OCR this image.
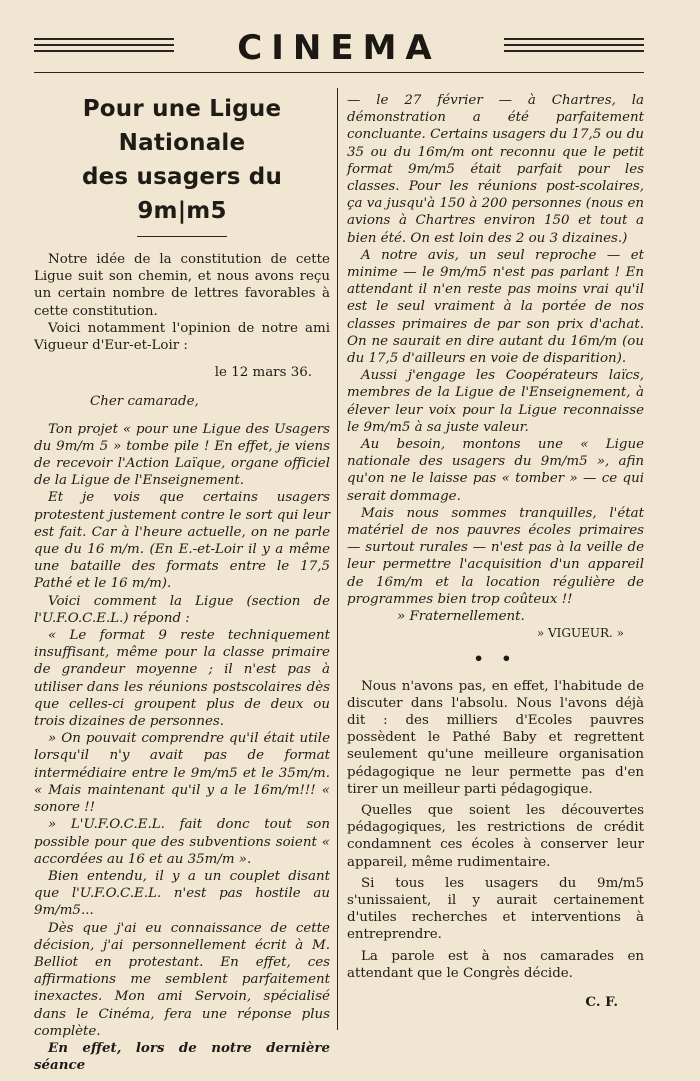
CINEMA
Pour une Ligue Nationale
des usagers du 9m|m5

Notre idée de la constitution de cette Ligue suit son chemin, et nous avons reçu un certain nombre de lettres favorables à cette constitution.

Voici notamment l'opinion de notre ami Vigueur d'Eur-et-Loir :

le 12 mars 36.

Cher camarade,

Ton projet « pour une Ligue des Usagers du 9m/m 5 » tombe pile ! En effet, je viens de recevoir l'Action Laïque, organe officiel de la Ligue de l'Enseignement.

Et je vois que certains usagers protestent justement contre le sort qui leur est fait. Car à l'heure actuelle, on ne parle que du 16 m/m. (En E.-et-Loir il y a même une bataille des formats entre le 17,5 Pathé et le 16 m/m).

Voici comment la Ligue (section de l'U.F.O.C.E.L.) répond :

« Le format 9 reste techniquement insuffisant, même pour la classe primaire de grandeur moyenne ; il n'est pas à utiliser dans les réunions postscolaires dès que celles-ci groupent plus de deux ou trois dizaines de personnes.

» On pouvait comprendre qu'il était utile lorsqu'il n'y avait pas de format intermédiaire entre le 9m/m5 et le 35m/m. « Mais maintenant qu'il y a le 16m/m!!! « sonore !!

» L'U.F.O.C.E.L. fait donc tout son possible pour que des subventions soient « accordées au 16 et au 35m/m ».

Bien entendu, il y a un couplet disant que l'U.F.O.C.E.L. n'est pas hostile au 9m/m5...

Dès que j'ai eu connaissance de cette décision, j'ai personnellement écrit à M. Belliot en protestant. En effet, ces affirmations me semblent parfaitement inexactes. Mon ami Servoin, spécialisé dans le Cinéma, fera une réponse plus complète.

En effet, lors de notre dernière séance

— le 27 février — à Chartres, la démonstration a été parfaitement concluante. Certains usagers du 17,5 ou du 35 ou du 16m/m ont reconnu que le petit format 9m/m5 était parfait pour les classes. Pour les réunions post-scolaires, ça va jusqu'à 150 à 200 personnes (nous en avions à Chartres environ 150 et tout a bien été. On est loin des 2 ou 3 dizaines.)

A notre avis, un seul reproche — et minime — le 9m/m5 n'est pas parlant ! En attendant il n'en reste pas moins vrai qu'il est le seul vraiment à la portée de nos classes primaires de par son prix d'achat. On ne saurait en dire autant du 16m/m (ou du 17,5 d'ailleurs en voie de disparition).

Aussi j'engage les Coopérateurs laïcs, membres de la Ligue de l'Enseignement, à élever leur voix pour la Ligue reconnaisse le 9m/m5 à sa juste valeur.

Au besoin, montons une « Ligue nationale des usagers du 9m/m5 », afin qu'on ne le laisse pas « tomber » — ce qui serait dommage.

Mais nous sommes tranquilles, l'état matériel de nos pauvres écoles primaires — surtout rurales — n'est pas à la veille de leur permettre l'acquisition d'un appareil de 16m/m et la location régulière de programmes bien trop coûteux !!

» Fraternellement.

» VIGUEUR. »

• •

Nous n'avons pas, en effet, l'habitude de discuter dans l'absolu. Nous l'avons déjà dit : des milliers d'Ecoles pauvres possèdent le Pathé Baby et regrettent seulement qu'une meilleure organisation pédagogique ne leur permette pas d'en tirer un meilleur parti pédagogique.

Quelles que soient les découvertes pédagogiques, les restrictions de crédit condamnent ces écoles à conserver leur appareil, même rudimentaire.

Si tous les usagers du 9m/m5 s'unissaient, il y aurait certainement d'utiles recherches et interventions à entreprendre.

La parole est à nos camarades en attendant que le Congrès décide.

C. F.
